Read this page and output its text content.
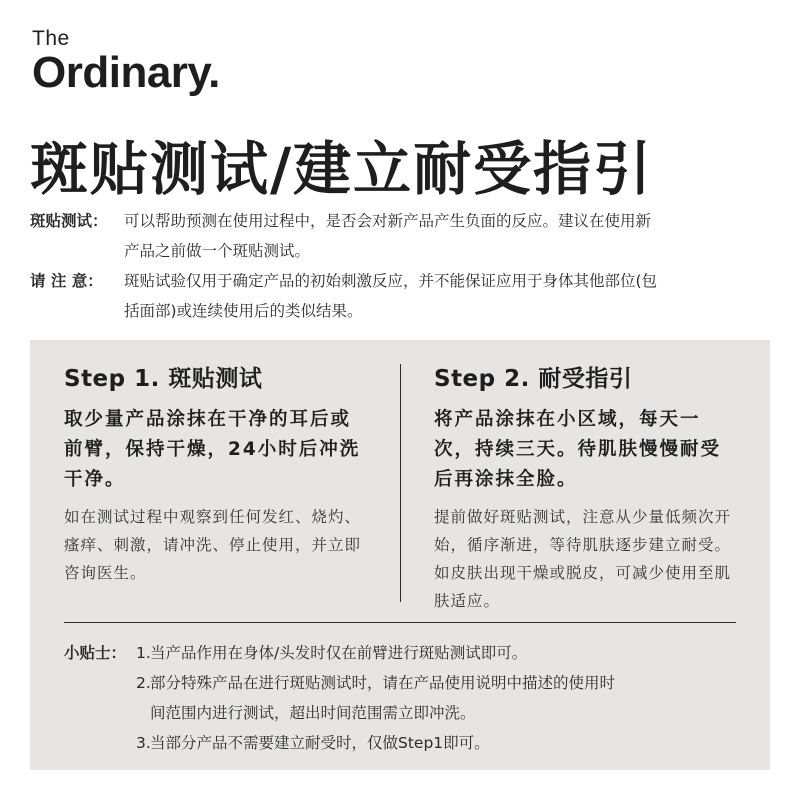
The
Ordinary.
斑贴测试/建立耐受指引
斑贴测试： 可以帮助预测在使用过程中，是否会对新产品产生负面的反应。建议在使用新
产品之前做一个斑贴测试。
请 注 意： 斑贴试验仅用于确定产品的初始刺激反应，并不能保证应用于身体其他部位(包
括面部)或连续使用后的类似结果。
Step 1. 斑贴测试
取少量产品涂抹在干净的耳后或前臂，保持干燥，24小时后冲洗干净。
如在测试过程中观察到任何发红、烧灼、瘙痒、刺激，请冲洗、停止使用，并立即咨询医生。
Step 2. 耐受指引
将产品涂抹在小区域，每天一次，持续三天。待肌肤慢慢耐受后再涂抹全脸。
提前做好斑贴测试，注意从少量低频次开始，循序渐进，等待肌肤逐步建立耐受。如皮肤出现干燥或脱皮，可减少使用至肌肤适应。
小贴士： 1.当产品作用在身体/头发时仅在前臂进行斑贴测试即可。
2.部分特殊产品在进行斑贴测试时，请在产品使用说明中描述的使用时
间范围内进行测试，超出时间范围需立即冲洗。
3.当部分产品不需要建立耐受时，仅做Step1即可。
